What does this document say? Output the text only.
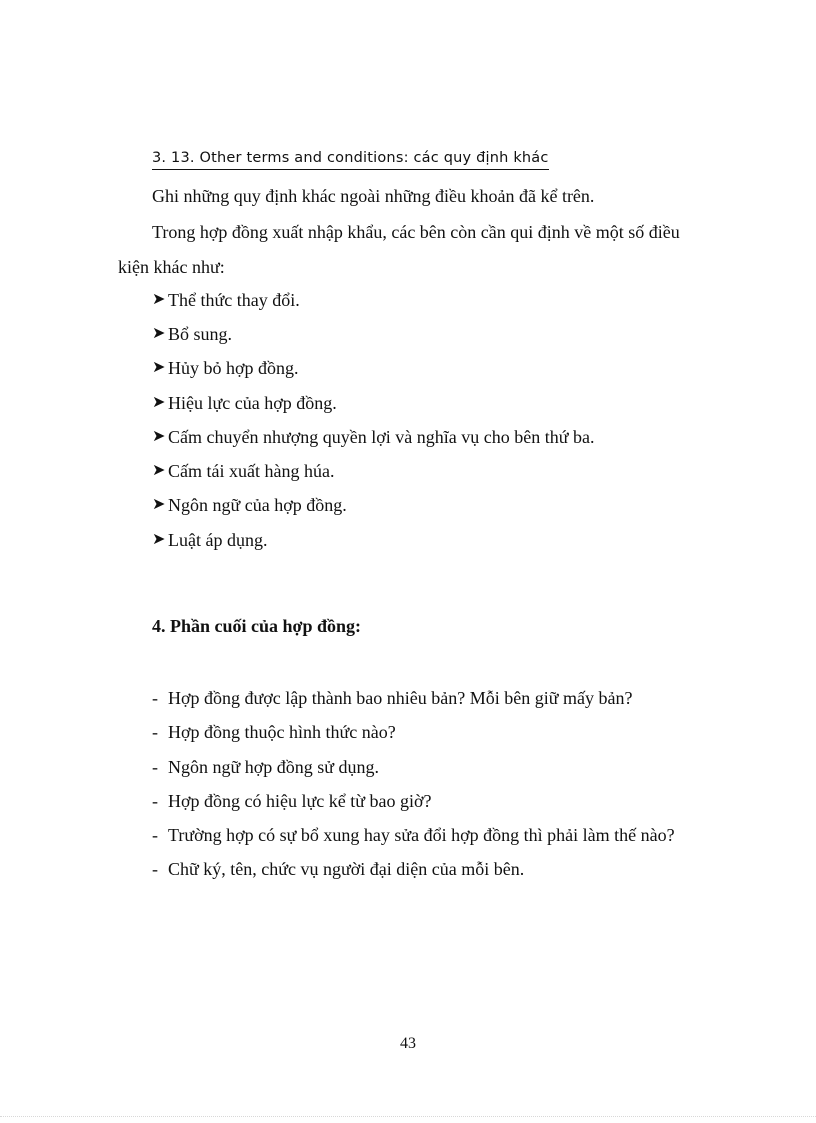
3. 13. Other terms and conditions: các quy định khác
Ghi những quy định khác ngoài những điều khoản đã kể trên.
Trong hợp đồng xuất nhập khẩu, các bên còn cần qui định về một số điều
kiện khác như:
➤ Thể thức thay đổi.
➤ Bổ sung.
➤ Hủy bỏ hợp đồng.
➤ Hiệu lực của hợp đồng.
➤ Cấm chuyển nhượng quyền lợi và nghĩa vụ cho bên thứ ba.
➤ Cấm tái xuất hàng húa.
➤ Ngôn ngữ của hợp đồng.
➤ Luật áp dụng.
4. Phần cuối của hợp đồng:
- Hợp đồng được lập thành bao nhiêu bản? Mỗi bên giữ mấy bản?
- Hợp đồng thuộc hình thức nào?
- Ngôn ngữ hợp đồng sử dụng.
- Hợp đồng có hiệu lực kể từ bao giờ?
- Trường hợp có sự bổ xung hay sửa đổi hợp đồng thì phải làm thế nào?
- Chữ ký, tên, chức vụ người đại diện của mỗi bên.
43
